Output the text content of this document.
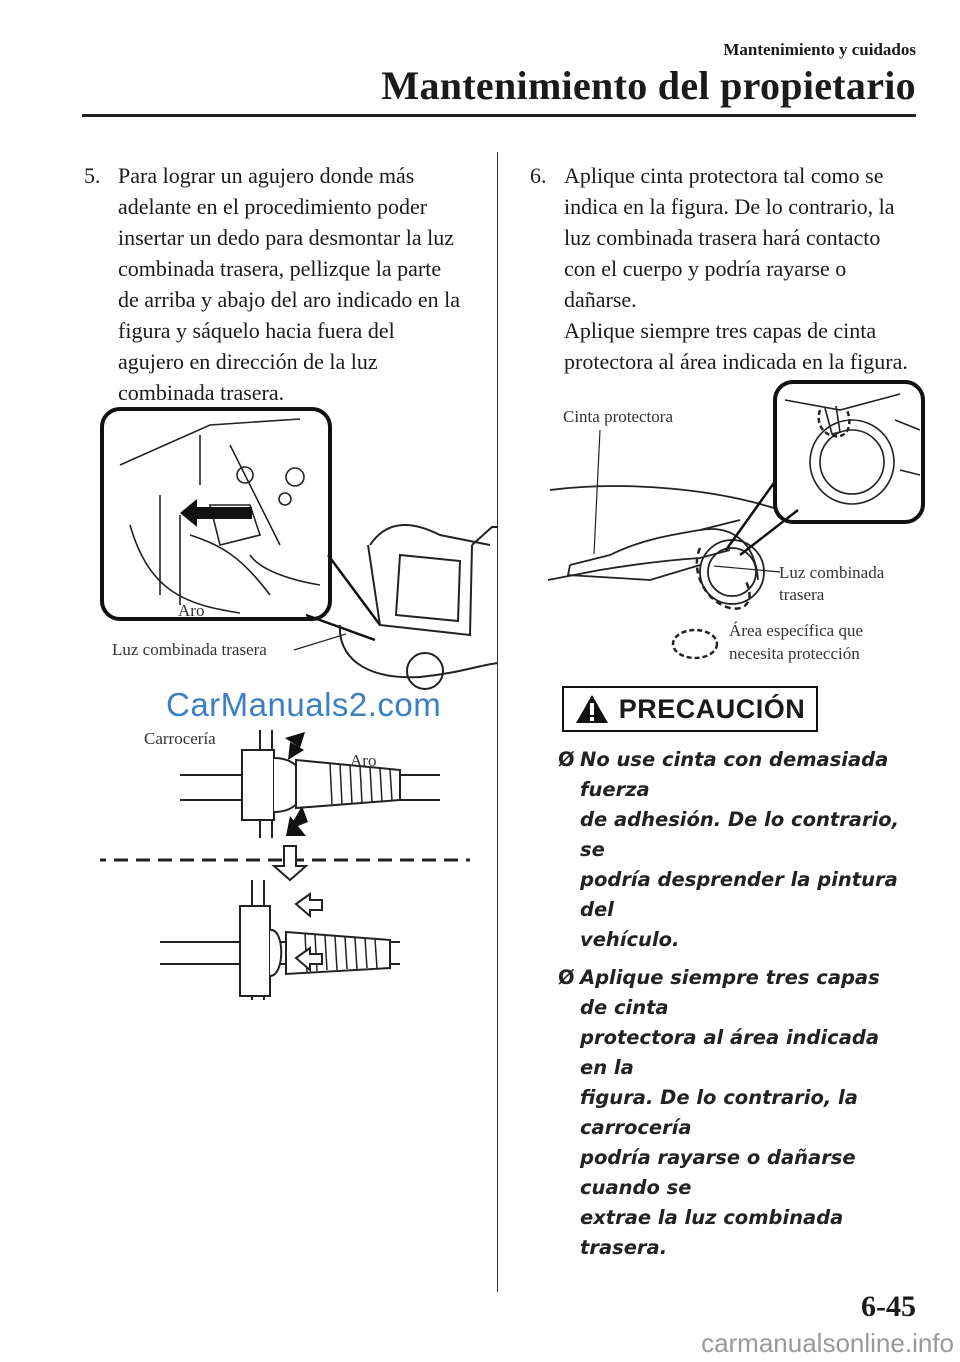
Mantenimiento y cuidados
Mantenimiento del propietario
5. Para lograr un agujero donde más

adelante en el procedimiento poder

insertar un dedo para desmontar la luz

combinada trasera, pellizque la parte

de arriba y abajo del aro indicado en la

figura y sáquelo hacia fuera del

agujero en dirección de la luz

combinada trasera.

6. Aplique cinta protectora tal como se

indica en la figura. De lo contrario, la

luz combinada trasera hará contacto

con el cuerpo y podría rayarse o

dañarse.

Aplique siempre tres capas de cinta

protectora al área indicada en la figura.

Aro
Luz combinada trasera
CarManuals2.com
Carrocería
Aro
Cinta protectora
Luz combinada
trasera
Área específica que
necesita protección
PRECAUCIÓN
Ø No use cinta con demasiada fuerza
de adhesión. De lo contrario, se
podría desprender la pintura del
vehículo.
Ø Aplique siempre tres capas de cinta
protectora al área indicada en la
figura. De lo contrario, la carrocería
podría rayarse o dañarse cuando se
extrae la luz combinada trasera.

6-45

carmanualsonline.info
